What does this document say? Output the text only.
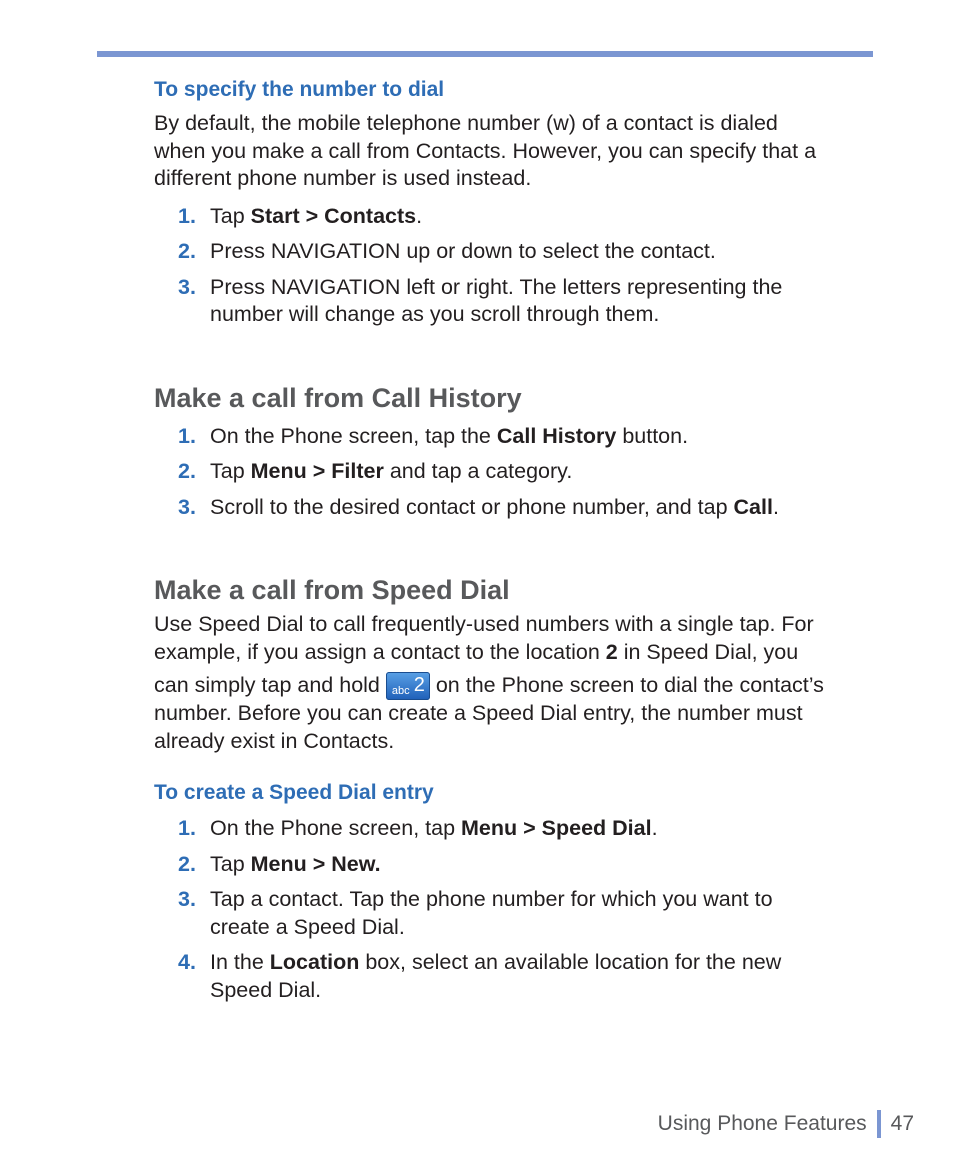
To specify the number to dial

By default, the mobile telephone number (w) of a contact is dialed
when you make a call from Contacts. However, you can specify that a
different phone number is used instead.

1. Tap Start > Contacts.
2. Press NAVIGATION up or down to select the contact.
3. Press NAVIGATION left or right. The letters representing the
number will change as you scroll through them.
Make a call from Call History
1. On the Phone screen, tap the Call History button.
2. Tap Menu > Filter and tap a category.
3. Scroll to the desired contact or phone number, and tap Call.
Make a call from Speed Dial

Use Speed Dial to call frequently-used numbers with a single tap. For
example, if you assign a contact to the location 2 in Speed Dial, you
can simply tap and hold abc 2 on the Phone screen to dial the contact’s
number. Before you can create a Speed Dial entry, the number must
already exist in Contacts.

To create a Speed Dial entry
1. On the Phone screen, tap Menu > Speed Dial.
2. Tap Menu > New.
3. Tap a contact. Tap the phone number for which you want to
create a Speed Dial.
4. In the Location box, select an available location for the new
Speed Dial.
Using Phone Features 47
